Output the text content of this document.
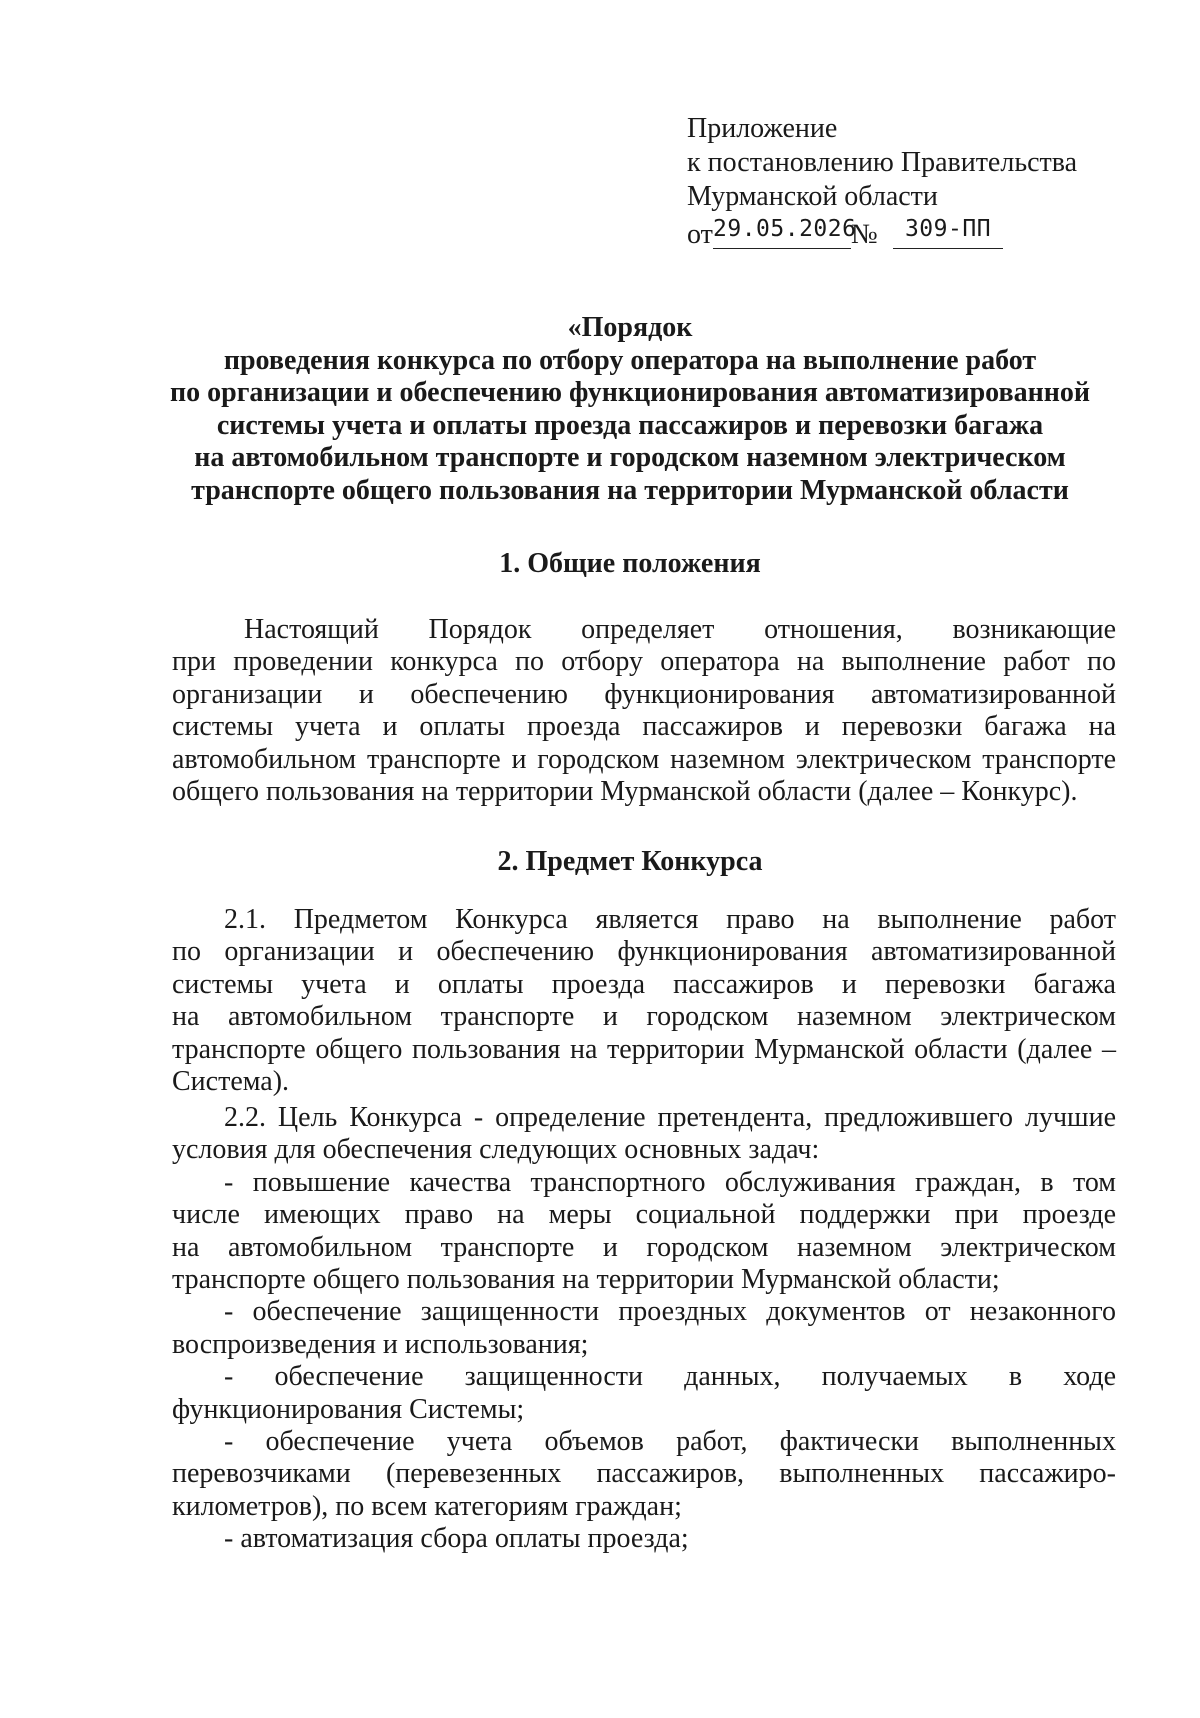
Приложение
к постановлению Правительства
Мурманской области
от 29.05.2026
№	309-ПП
«Порядок
проведения конкурса по отбору оператора на выполнение работ
по организации и обеспечению функционирования автоматизированной
системы учета и оплаты проезда пассажиров и перевозки багажа
на автомобильном транспорте и городском наземном электрическом
транспорте общего пользования на территории Мурманской области
1. Общие положения
Настоящий Порядок определяет отношения, возникающие
при проведении конкурса по отбору оператора на выполнение работ по
организации и обеспечению функционирования автоматизированной
системы учета и оплаты проезда пассажиров и перевозки багажа на
автомобильном транспорте и городском наземном электрическом транспорте
общего пользования на территории Мурманской области (далее – Конкурс).
2. Предмет Конкурса
2.1. Предметом Конкурса является право на выполнение работ
по организации и обеспечению функционирования автоматизированной
системы учета и оплаты проезда пассажиров и перевозки багажа
на автомобильном транспорте и городском наземном электрическом
транспорте общего пользования на территории Мурманской области (далее –
Система).
2.2. Цель Конкурса - определение претендента, предложившего лучшие
условия для обеспечения следующих основных задач:
- повышение качества транспортного обслуживания граждан, в том
числе имеющих право на меры социальной поддержки при проезде
на автомобильном транспорте и городском наземном электрическом
транспорте общего пользования на территории Мурманской области;
- обеспечение защищенности проездных документов от незаконного
воспроизведения и использования;
- обеспечение защищенности данных, получаемых в ходе
функционирования Системы;
- обеспечение учета объемов работ, фактически выполненных
перевозчиками (перевезенных пассажиров, выполненных пассажиро-
километров), по всем категориям граждан;
- автоматизация сбора оплаты проезда;
